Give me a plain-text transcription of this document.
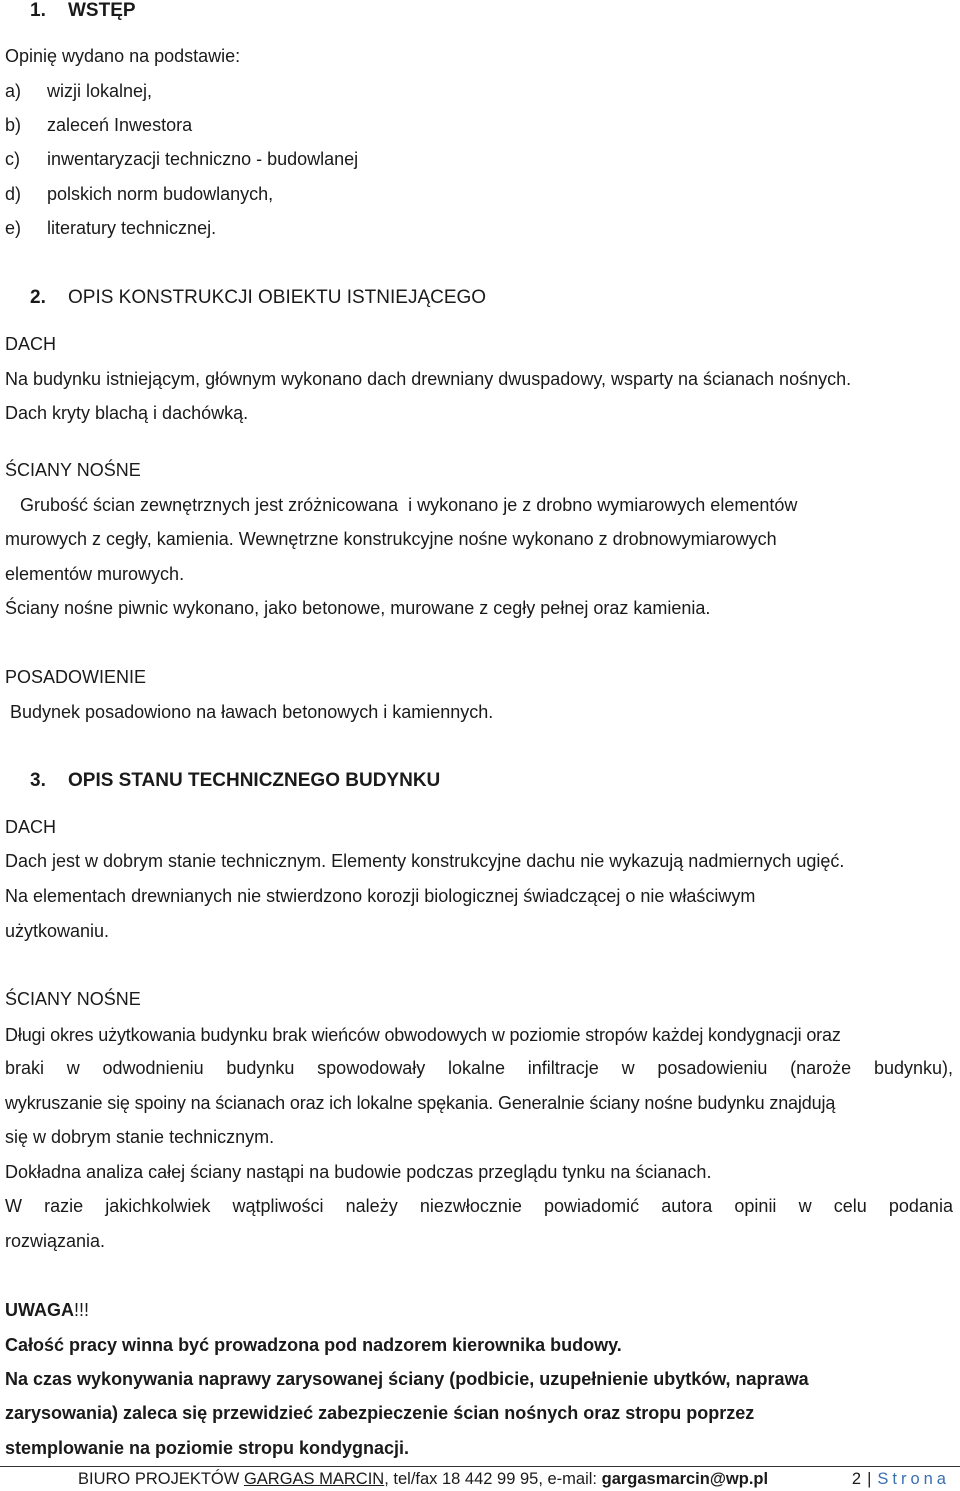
1. WSTĘP
Opinię wydano na podstawie:
a) wizji lokalnej,
b) zaleceń Inwestora
c) inwentaryzacji techniczno - budowlanej
d) polskich norm budowlanych,
e) literatury technicznej.
2. OPIS KONSTRUKCJI OBIEKTU ISTNIEJĄCEGO
DACH
Na budynku istniejącym, głównym wykonano dach drewniany dwuspadowy, wsparty na ścianach nośnych.
Dach kryty blachą i dachówką.
ŚCIANY NOŚNE
Grubość ścian zewnętrznych jest zróżnicowana  i wykonano je z drobno wymiarowych elementów
murowych z cegły, kamienia. Wewnętrzne konstrukcyjne nośne wykonano z drobnowymiarowych
elementów murowych.
Ściany nośne piwnic wykonano, jako betonowe, murowane z cegły pełnej oraz kamienia.
POSADOWIENIE
Budynek posadowiono na ławach betonowych i kamiennych.
3. OPIS STANU TECHNICZNEGO BUDYNKU
DACH
Dach jest w dobrym stanie technicznym. Elementy konstrukcyjne dachu nie wykazują nadmiernych ugięć.
Na elementach drewnianych nie stwierdzono korozji biologicznej świadczącej o nie właściwym
użytkowaniu.
ŚCIANY NOŚNE
Długi okres użytkowania budynku brak wieńców obwodowych w poziomie stropów każdej kondygnacji oraz
braki w odwodnieniu budynku spowodowały lokalne infiltracje w posadowieniu (naroże budynku),
wykruszanie się spoiny na ścianach oraz ich lokalne spękania. Generalnie ściany nośne budynku znajdują
się w dobrym stanie technicznym.
Dokładna analiza całej ściany nastąpi na budowie podczas przeglądu tynku na ścianach.
W razie jakichkolwiek wątpliwości należy niezwłocznie powiadomić autora opinii w celu podania
rozwiązania.
UWAGA!!!
Całość pracy winna być prowadzona pod nadzorem kierownika budowy.
Na czas wykonywania naprawy zarysowanej ściany (podbicie, uzupełnienie ubytków, naprawa
zarysowania) zaleca się przewidzieć zabezpieczenie ścian nośnych oraz stropu poprzez
stemplowanie na poziomie stropu kondygnacji.
BIURO PROJEKTÓW GARGAS MARCIN, tel/fax 18 442 99 95, e-mail: gargasmarcin@wp.pl	2 | Strona
